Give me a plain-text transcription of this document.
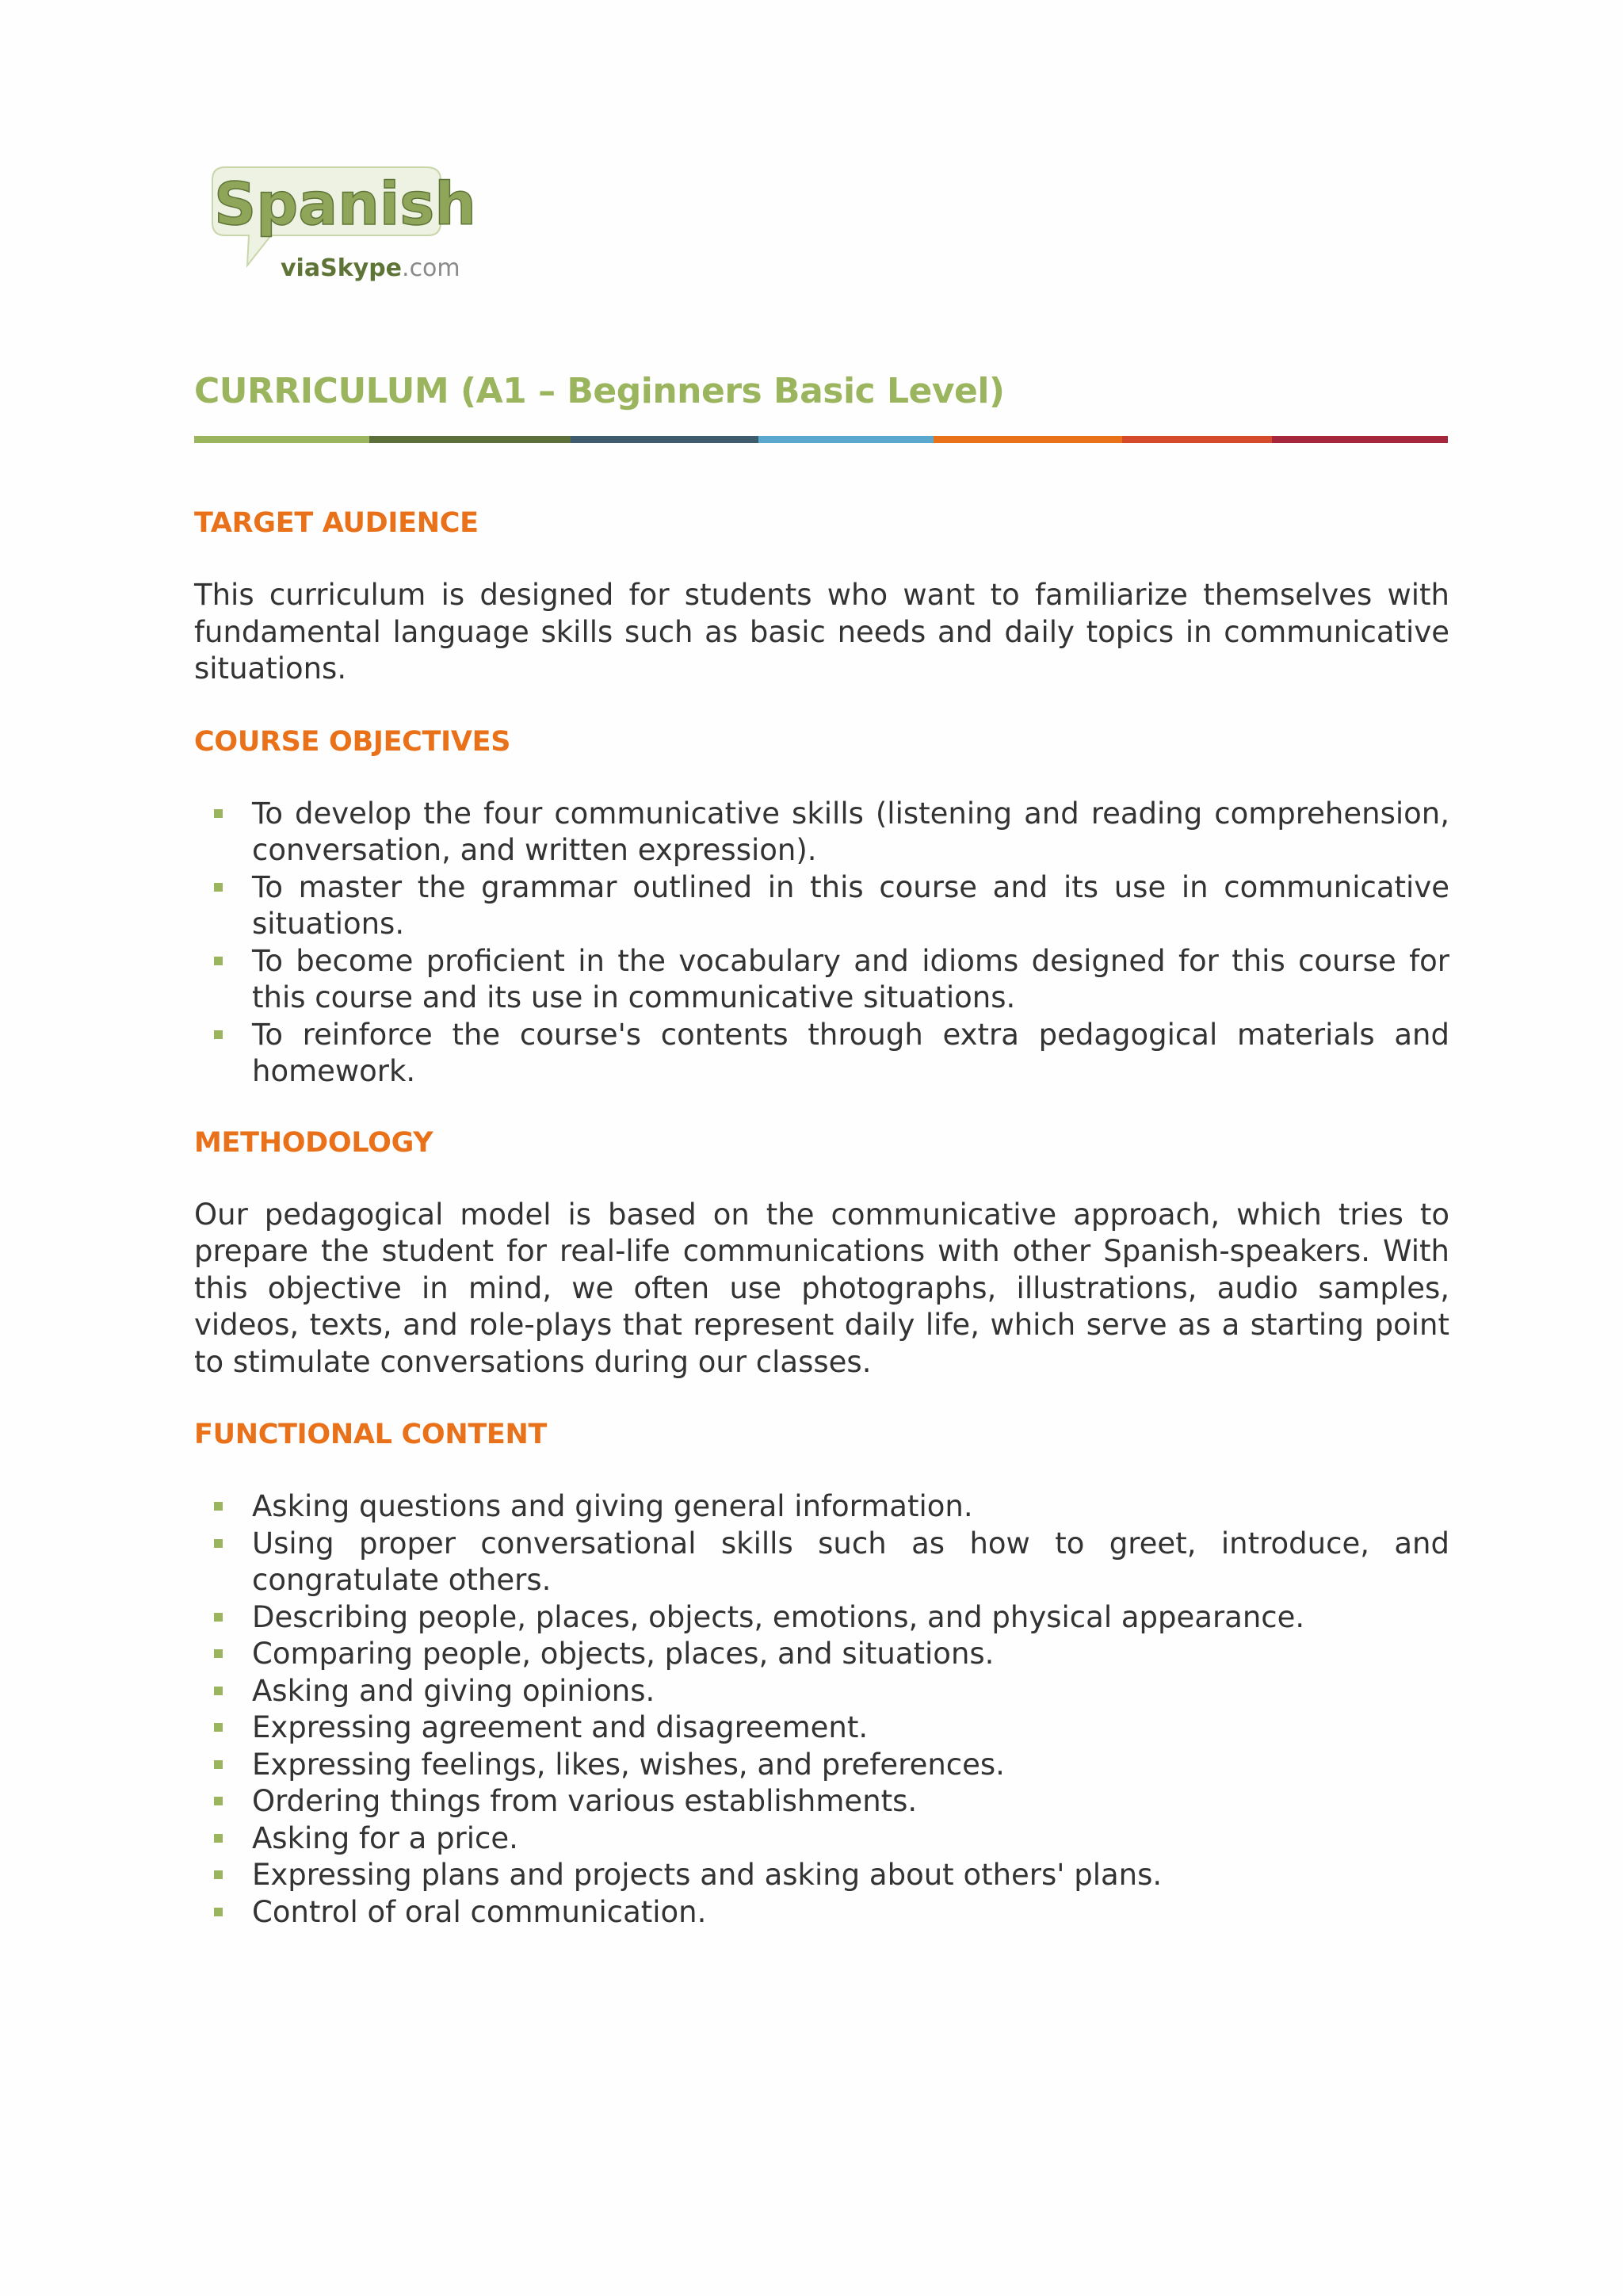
Spanish
viaSkype.com
CURRICULUM (A1 – Beginners Basic Level)
TARGET AUDIENCE

This curriculum is designed for students who want to familiarize themselves with fundamental language skills such as basic needs and daily topics in communicative situations.

COURSE OBJECTIVES
To develop the four communicative skills (listening and reading comprehension, conversation, and written expression).
To master the grammar outlined in this course and its use in communicative situations.
To become proficient in the vocabulary and idioms designed for this course for this course and its use in communicative situations.
To reinforce the course's contents through extra pedagogical materials and homework.
METHODOLOGY

Our pedagogical model is based on the communicative approach, which tries to prepare the student for real-life communications with other Spanish-speakers. With this objective in mind, we often use photographs, illustrations, audio samples, videos, texts, and role-plays that represent daily life, which serve as a starting point to stimulate conversations during our classes.

FUNCTIONAL CONTENT
Asking questions and giving general information.
Using proper conversational skills such as how to greet, introduce, and congratulate others.
Describing people, places, objects, emotions, and physical appearance.
Comparing people, objects, places, and situations.
Asking and giving opinions.
Expressing agreement and disagreement.
Expressing feelings, likes, wishes, and preferences.
Ordering things from various establishments.
Asking for a price.
Expressing plans and projects and asking about others' plans.
Control of oral communication.
